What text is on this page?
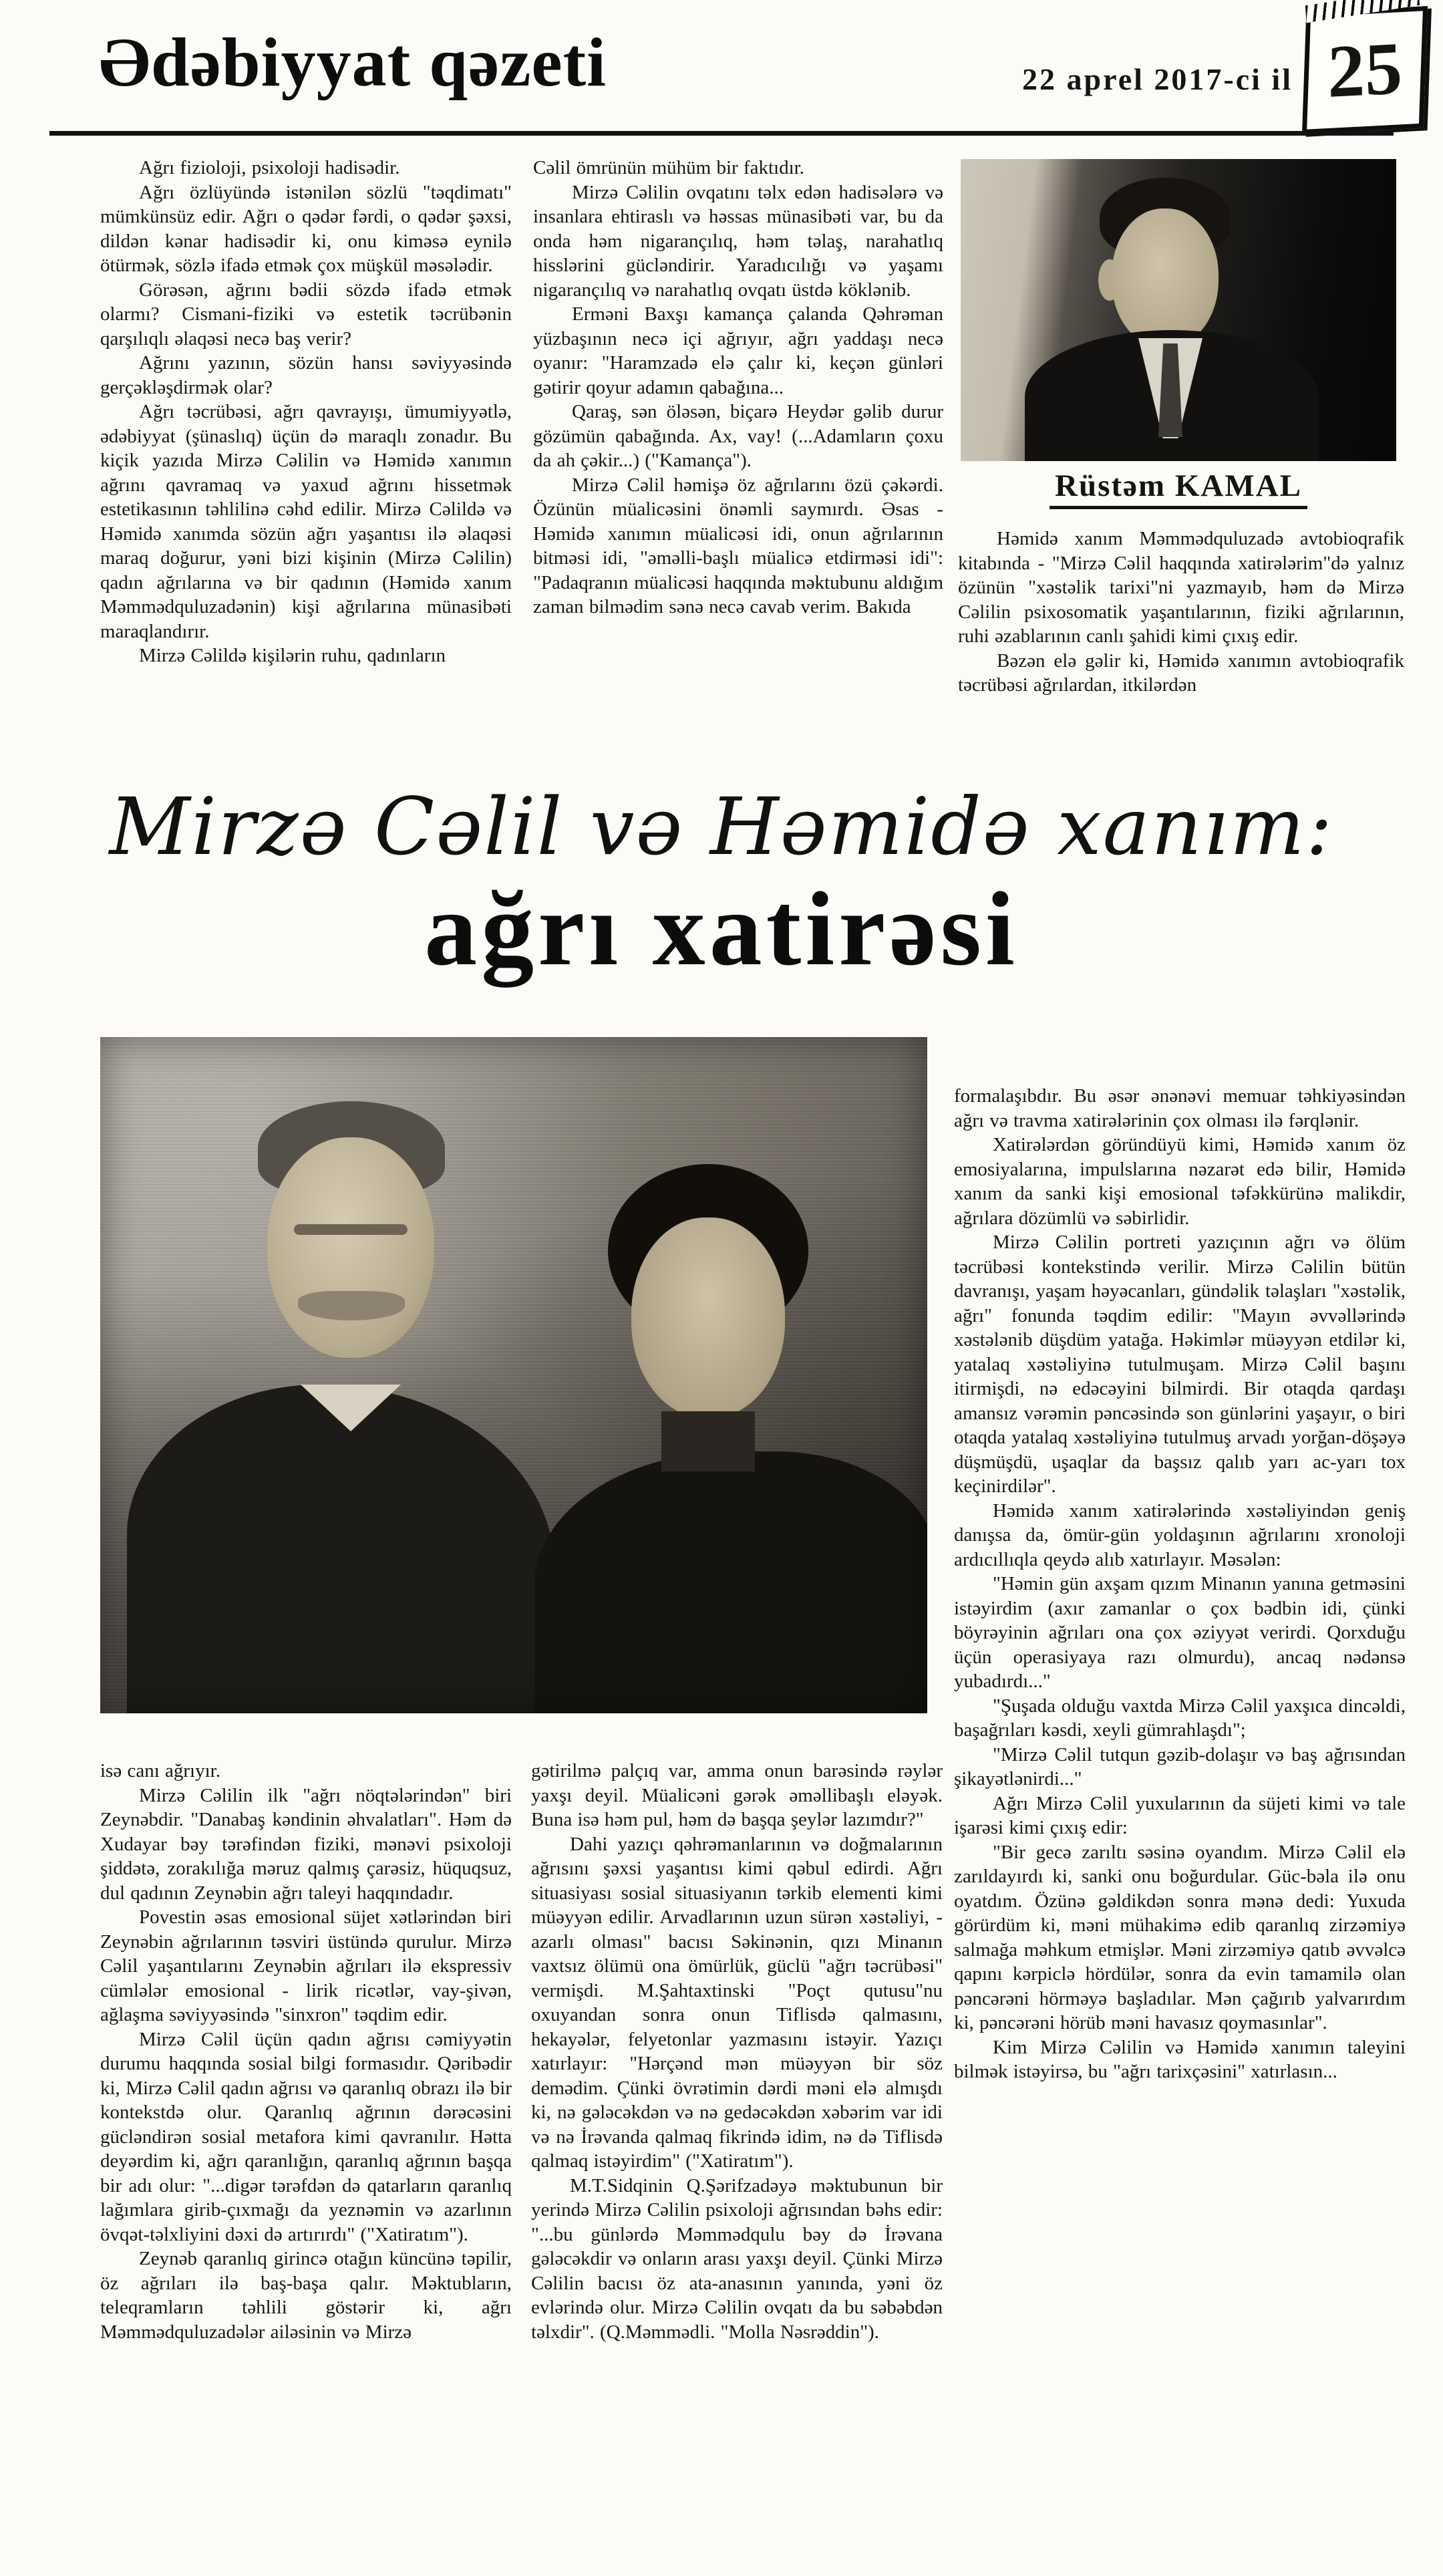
Ədəbiyyat qəzeti	22 aprel 2017-ci il 25

Ağrı fizioloji, psixoloji hadisədir.

Ağrı özlüyündə istənilən sözlü "təqdimatı" mümkünsüz edir. Ağrı o qədər fərdi, o qədər şəxsi, dildən kənar hadisədir ki, onu kiməsə eynilə ötürmək, sözlə ifadə etmək çox müşkül məsələdir.

Görəsən, ağrını bədii sözdə ifadə etmək olarmı? Cismani-fiziki və estetik təcrübənin qarşılıqlı əlaqəsi necə baş verir?

Ağrını yazının, sözün hansı səviyyəsində gerçəkləşdirmək olar?

Ağrı təcrübəsi, ağrı qavrayışı, ümumiyyətlə, ədəbiyyat (şünaslıq) üçün də maraqlı zonadır. Bu kiçik yazıda Mirzə Cəlilin və Həmidə xanımın ağrını qavramaq və yaxud ağrını hissetmək estetikasının təhlilinə cəhd edilir. Mirzə Cəlildə və Həmidə xanımda sözün ağrı yaşantısı ilə əlaqəsi maraq doğurur, yəni bizi kişinin (Mirzə Cəlilin) qadın ağrılarına və bir qadının (Həmidə xanım Məmmədquluzadənin) kişi ağrılarına münasibəti maraqlandırır.

Mirzə Cəlildə kişilərin ruhu, qadınların

Cəlil ömrünün mühüm bir faktıdır.

Mirzə Cəlilin ovqatını təlx edən hadisələrə və insanlara ehtiraslı və həssas münasibəti var, bu da onda həm nigarançılıq, həm təlaş, narahatlıq hisslərini gücləndirir. Yaradıcılığı və yaşamı nigarançılıq və narahatlıq ovqatı üstdə köklənib.

Erməni Baxşı kamança çalanda Qəhrəman yüzbaşının necə içi ağrıyır, ağrı yaddaşı necə oyanır: "Haramzadə elə çalır ki, keçən günləri gətirir qoyur adamın qabağına...

Qaraş, sən öləsən, biçarə Heydər gəlib durur gözümün qabağında. Ax, vay! (...Adamların çoxu da ah çəkir...) ("Kamança").

Mirzə Cəlil həmişə öz ağrılarını özü çəkərdi. Özünün müalicəsini önəmli saymırdı. Əsas - Həmidə xanımın müalicəsi idi, onun ağrılarının bitməsi idi, "əməlli-başlı müalicə etdirməsi idi": "Padaqranın müalicəsi haqqında məktubunu aldığım zaman bilmədim sənə necə cavab verim. Bakıda

Rüstəm KAMAL

Həmidə xanım Məmmədquluzadə avtobioqrafik kitabında - "Mirzə Cəlil haqqında xatirələrim"də yalnız özünün "xəstəlik tarixi"ni yazmayıb, həm də Mirzə Cəlilin psixosomatik yaşantılarının, fiziki ağrılarının, ruhi əzablarının canlı şahidi kimi çıxış edir.

Bəzən elə gəlir ki, Həmidə xanımın avtobioqrafik təcrübəsi ağrılardan, itkilərdən

Mirzə Cəlil və Həmidə xanım:
ağrı xatirəsi

formalaşıbdır. Bu əsər ənənəvi memuar təhkiyəsindən ağrı və travma xatirələrinin çox olması ilə fərqlənir.

Xatirələrdən göründüyü kimi, Həmidə xanım öz emosiyalarına, impulslarına nəzarət edə bilir, Həmidə xanım da sanki kişi emosional təfəkkürünə malikdir, ağrılara dözümlü və səbirlidir.

Mirzə Cəlilin portreti yazıçının ağrı və ölüm təcrübəsi kontekstində verilir. Mirzə Cəlilin bütün davranışı, yaşam həyəcanları, gündəlik təlaşları "xəstəlik, ağrı" fonunda təqdim edilir: "Mayın əvvəllərində xəstələnib düşdüm yatağa. Həkimlər müəyyən etdilər ki, yatalaq xəstəliyinə tutulmuşam. Mirzə Cəlil başını itirmişdi, nə edəcəyini bilmirdi. Bir otaqda qardaşı amansız vərəmin pəncəsində son günlərini yaşayır, o biri otaqda yatalaq xəstəliyinə tutulmuş arvadı yorğan-döşəyə düşmüşdü, uşaqlar da başsız qalıb yarı ac-yarı tox keçinirdilər".

Həmidə xanım xatirələrində xəstəliyindən geniş danışsa da, ömür-gün yoldaşının ağrılarını xronoloji ardıcıllıqla qeydə alıb xatırlayır. Məsələn:

"Həmin gün axşam qızım Minanın yanına getməsini istəyirdim (axır zamanlar o çox bədbin idi, çünki böyrəyinin ağrıları ona çox əziyyət verirdi. Qorxduğu üçün operasiyaya razı olmurdu), ancaq nədənsə yubadırdı..."

"Şuşada olduğu vaxtda Mirzə Cəlil yaxşıca dincəldi, başağrıları kəsdi, xeyli gümrahlaşdı";

"Mirzə Cəlil tutqun gəzib-dolaşır və baş ağrısından şikayətlənirdi..."

Ağrı Mirzə Cəlil yuxularının da süjeti kimi və tale işarəsi kimi çıxış edir:

"Bir gecə zarıltı səsinə oyandım. Mirzə Cəlil elə zarıldayırdı ki, sanki onu boğurdular. Güc-bəla ilə onu oyatdım. Özünə gəldikdən sonra mənə dedi: Yuxuda görürdüm ki, məni mühakimə edib qaranlıq zirzəmiyə salmağa məhkum etmişlər. Məni zirzəmiyə qatıb əvvəlcə qapını kərpiclə hördülər, sonra da evin tamamilə olan pəncərəni hörməyə başladılar. Mən çağırıb yalvarırdım ki, pəncərəni hörüb məni havasız qoymasınlar".

Kim Mirzə Cəlilin və Həmidə xanımın taleyini bilmək istəyirsə, bu "ağrı tarixçəsini" xatırlasın...

isə canı ağrıyır.

Mirzə Cəlilin ilk "ağrı nöqtələrindən" biri Zeynəbdir. "Danabaş kəndinin əhvalatları". Həm də Xudayar bəy tərəfindən fiziki, mənəvi psixoloji şiddətə, zorakılığa məruz qalmış çarəsiz, hüquqsuz, dul qadının Zeynəbin ağrı taleyi haqqındadır.

Povestin əsas emosional süjet xətlərindən biri Zeynəbin ağrılarının təsviri üstündə qurulur. Mirzə Cəlil yaşantılarını Zeynəbin ağrıları ilə ekspressiv cümlələr emosional - lirik ricətlər, vay-şivən, ağlaşma səviyyəsində "sinxron" təqdim edir.

Mirzə Cəlil üçün qadın ağrısı cəmiyyətin durumu haqqında sosial bilgi formasıdır. Qəribədir ki, Mirzə Cəlil qadın ağrısı və qaranlıq obrazı ilə bir kontekstdə olur. Qaranlıq ağrının dərəcəsini gücləndirən sosial metafora kimi qavranılır. Hətta deyərdim ki, ağrı qaranlığın, qaranlıq ağrının başqa bir adı olur: "...digər tərəfdən də qatarların qaranlıq lağımlara girib-çıxmağı da yeznəmin və azarlının övqət-təlxliyini dəxi də artırırdı" ("Xatiratım").

Zeynəb qaranlıq girincə otağın küncünə təpilir, öz ağrıları ilə baş-başa qalır. Məktubların, teleqramların təhlili göstərir ki, ağrı Məmmədquluzadələr ailəsinin və Mirzə

gətirilmə palçıq var, amma onun barəsində rəylər yaxşı deyil. Müalicəni gərək əməllibaşlı eləyək. Buna isə həm pul, həm də başqa şeylər lazımdır?"

Dahi yazıçı qəhrəmanlarının və doğmalarının ağrısını şəxsi yaşantısı kimi qəbul edirdi. Ağrı situasiyası sosial situasiyanın tərkib elementi kimi müəyyən edilir. Arvadlarının uzun sürən xəstəliyi, - azarlı olması" bacısı Səkinənin, qızı Minanın vaxtsız ölümü ona ömürlük, güclü "ağrı təcrübəsi" vermişdi. M.Şahtaxtinski "Poçt qutusu"nu oxuyandan sonra onun Tiflisdə qalmasını, hekayələr, felyetonlar yazmasını istəyir. Yazıçı xatırlayır: "Hərçənd mən müəyyən bir söz demədim. Çünki övrətimin dərdi məni elə almışdı ki, nə gələcəkdən və nə gedəcəkdən xəbərim var idi və nə İrəvanda qalmaq fikrində idim, nə də Tiflisdə qalmaq istəyirdim" ("Xatiratım").

M.T.Sidqinin Q.Şərifzadəyə məktubunun bir yerində Mirzə Cəlilin psixoloji ağrısından bəhs edir: "...bu günlərdə Məmmədqulu bəy də İrəvana gələcəkdir və onların arası yaxşı deyil. Çünki Mirzə Cəlilin bacısı öz ata-anasının yanında, yəni öz evlərində olur. Mirzə Cəlilin ovqatı da bu səbəbdən təlxdir". (Q.Məmmədli. "Molla Nəsrəddin").
